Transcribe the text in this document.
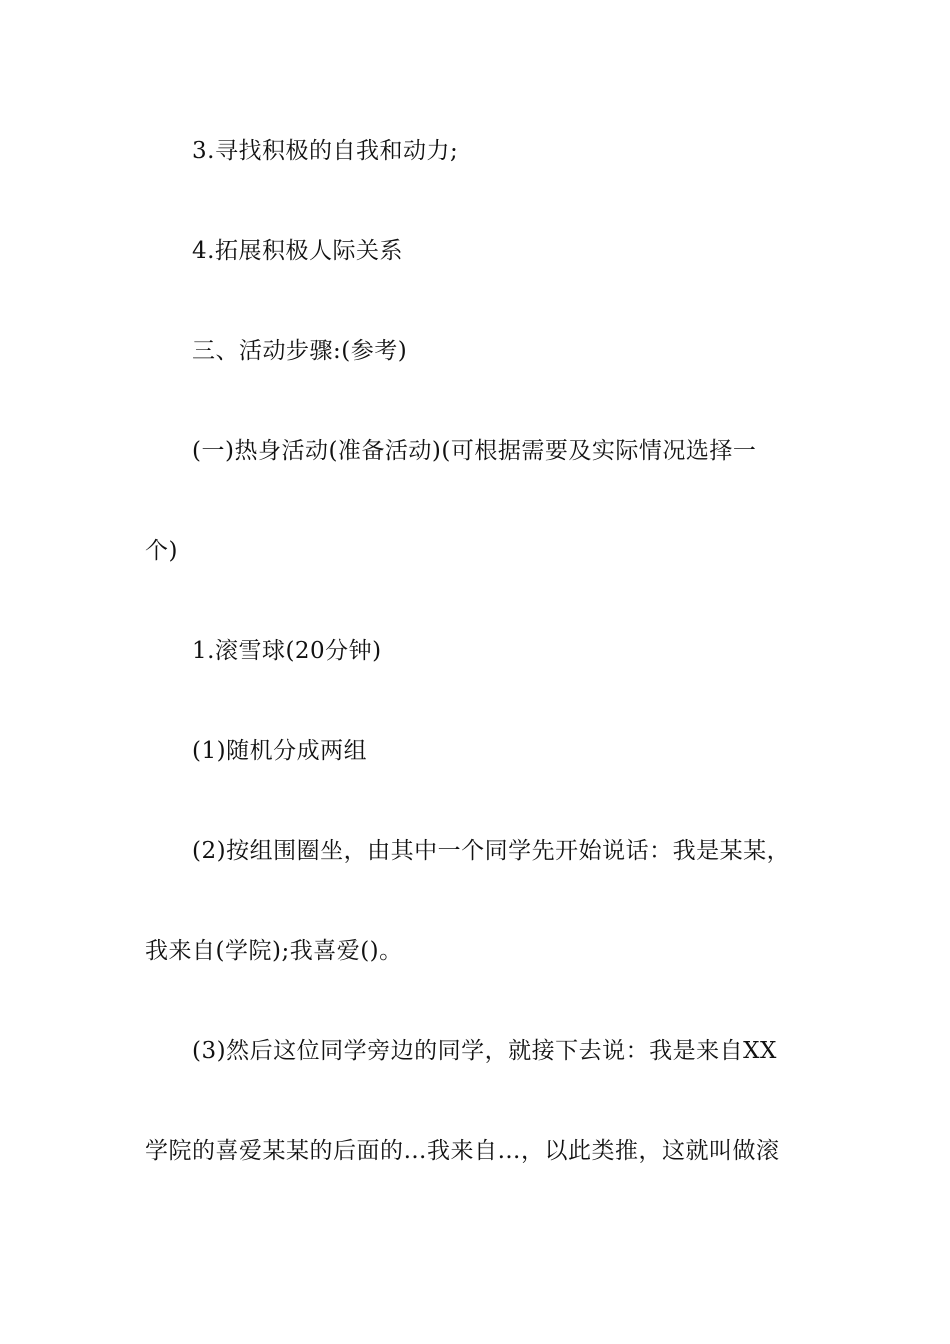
3.寻找积极的自我和动力;
4.拓展积极人际关系
三、活动步骤:(参考)
(一)热身活动(准备活动)(可根据需要及实际情况选择一
个)
1.滚雪球(20分钟)
(1)随机分成两组
(2)按组围圈坐，由其中一个同学先开始说话：我是某某，
我来自(学院);我喜爱()。
(3)然后这位同学旁边的同学，就接下去说：我是来自XX
学院的喜爱某某的后面的…我来自…，以此类推，这就叫做滚
